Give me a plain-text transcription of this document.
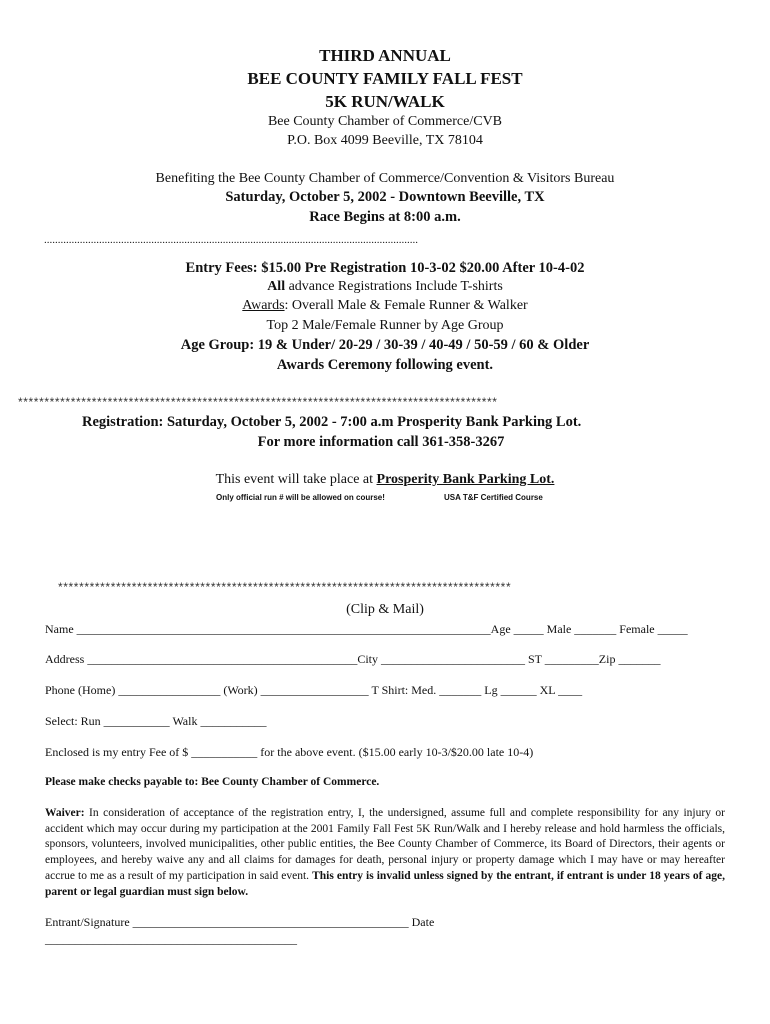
THIRD ANNUAL
BEE COUNTY FAMILY FALL FEST
5K RUN/WALK
Bee County Chamber of Commerce/CVB
P.O. Box 4099 Beeville, TX 78104
Benefiting the Bee County Chamber of Commerce/Convention & Visitors Bureau
Saturday, October 5, 2002 - Downtown Beeville, TX
Race Begins at 8:00 a.m.
........................................................................................................................................
Entry Fees: $15.00 Pre Registration 10-3-02 $20.00 After 10-4-02
All advance Registrations Include T-shirts
Awards: Overall Male & Female Runner & Walker
Top 2 Male/Female Runner by Age Group
Age Group: 19 & Under/ 20-29 / 30-39 / 40-49 / 50-59 / 60 & Older
Awards Ceremony following event.
*******************************************************************************************
Registration: Saturday, October 5, 2002 - 7:00 a.m Prosperity Bank Parking Lot.
For more information call 361-358-3267
This event will take place at Prosperity Bank Parking Lot.
Only official run # will be allowed on course!	USA T&F Certified Course
**************************************************************************************
(Clip & Mail)
Name _____________________________________________________________________Age _____ Male _______ Female _____
Address _____________________________________________City ________________________ ST _________Zip _______
Phone (Home) _________________ (Work) __________________ T Shirt: Med. _______ Lg ______ XL ____
Select: Run ___________ Walk ___________
Enclosed is my entry Fee of $ ___________ for the above event. ($15.00 early 10-3/$20.00 late 10-4)
Please make checks payable to: Bee County Chamber of Commerce.
Waiver: In consideration of acceptance of the registration entry, I, the undersigned, assume full and complete responsibility for any injury or accident which may occur during my participation at the 2001 Family Fall Fest 5K Run/Walk and I hereby release and hold harmless the officials, sponsors, volunteers, involved municipalities, other public entities, the Bee County Chamber of Commerce, its Board of Directors, their agents or employees, and hereby waive any and all claims for damages for death, personal injury or property damage which I may have or may hereafter accrue to me as a result of my participation in said event. This entry is invalid unless signed by the entrant, if entrant is under 18 years of age, parent or legal guardian must sign below.
Entrant/Signature ______________________________________________ Date
__________________________________________
